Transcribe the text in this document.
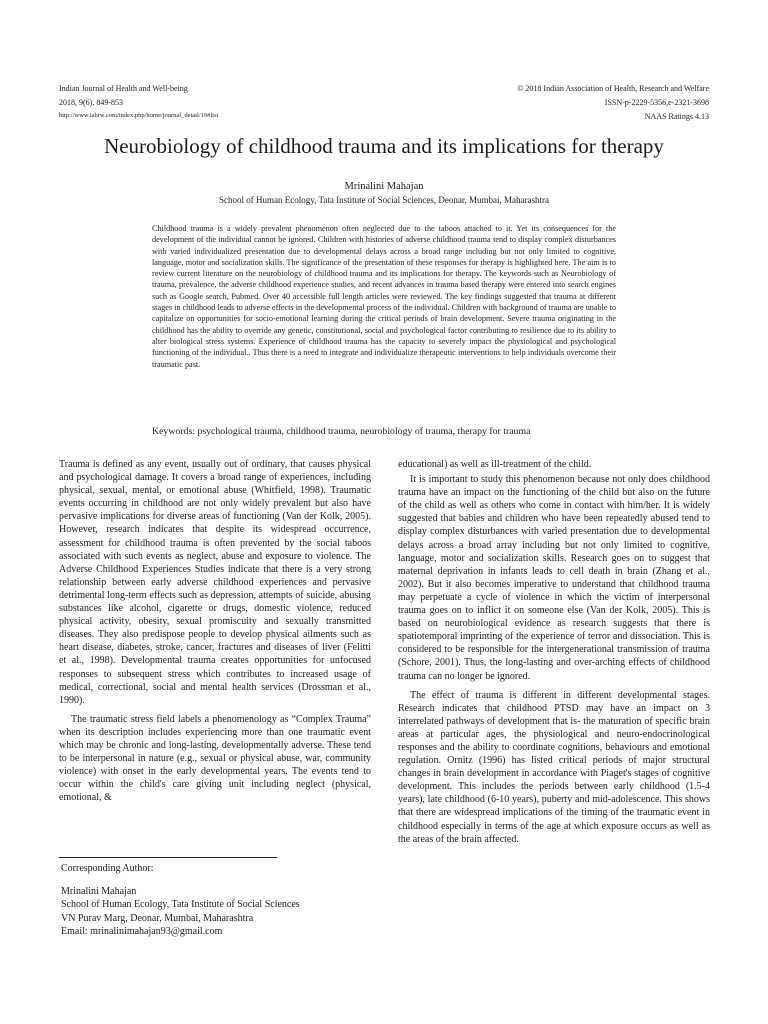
Indian Journal of Health and Well-being
2018, 9(6), 849-853
http://www.iahrw.com/index.php/home/journal_detail/19#list
© 2018 Indian Association of Health, Research and Welfare
ISSN-p-2229-5356,e-2321-3698
NAAS Ratings 4.13
Neurobiology of childhood trauma and its implications for therapy
Mrinalini Mahajan
School of Human Ecology, Tata Institute of Social Sciences, Deonar, Mumbai, Maharashtra

Childhood trauma is a widely prevalent phenomenon often neglected due to the taboos attached to it. Yet its consequences for the development of the individual cannot be ignored. Children with histories of adverse childhood trauma tend to display complex disturbances with varied individualized presentation due to developmental delays across a broad range including but not only limited to cognitive, language, motor and socialization skills. The significance of the presentation of these responses for therapy is highlighted here. The aim is to review current literature on the neurobiology of childhood trauma and its implications for therapy. The keywords such as Neurobiology of trauma, prevalence, the adverse childhood experience studies, and recent advances in trauma based therapy were entered into search engines such as Google search, Pubmed. Over 40 accessible full length articles were reviewed. The key findings suggested that trauma at different stages in childhood leads to adverse effects in the developmental process of the individual. Children with background of trauma are unable to capitalize on opportunities for socio-emotional learning during the critical periods of brain development. Severe trauma originating in the childhood has the ability to override any genetic, constitutional, social and psychological factor contributing to resilience due to its ability to alter biological stress systems. Experience of childhood trauma has the capacity to severely impact the physiological and psychological functioning of the individual.. Thus there is a need to integrate and individualize therapeutic interventions to help individuals overcome their traumatic past.

Keywords: psychological trauma, childhood trauma, neurobiology of trauma, therapy for trauma

Trauma is defined as any event, usually out of ordinary, that causes physical and psychological damage. It covers a broad range of experiences, including physical, sexual, mental, or emotional abuse (Whitfield, 1998). Traumatic events occurring in childhood are not only widely prevalent but also have pervasive implications for diverse areas of functioning (Van der Kolk, 2005). However, research indicates that despite its widespread occurrence, assessment for childhood trauma is often prevented by the social taboos associated with such events as neglect, abuse and exposure to violence. The Adverse Childhood Experiences Studies indicate that there is a very strong relationship between early adverse childhood experiences and pervasive detrimental long-term effects such as depression, attempts of suicide, abusing substances like alcohol, cigarette or drugs, domestic violence, reduced physical activity, obesity, sexual promiscuity and sexually transmitted diseases. They also predispose people to develop physical ailments such as heart disease, diabetes, stroke, cancer, fractures and diseases of liver (Felitti et al., 1998). Developmental trauma creates opportunities for unfocused responses to subsequent stress which contributes to increased usage of medical, correctional, social and mental health services (Drossman et al., 1990).

The traumatic stress field labels a phenomenology as “Complex Trauma” when its description includes experiencing more than one traumatic event which may be chronic and long-lasting, developmentally adverse. These tend to be interpersonal in nature (e.g., sexual or physical abuse, war, community violence) with onset in the early developmental years. The events tend to occur within the child's care giving unit including neglect (physical, emotional, &

educational) as well as ill-treatment of the child.

It is important to study this phenomenon because not only does childhood trauma have an impact on the functioning of the child but also on the future of the child as well as others who come in contact with him/her. It is widely suggested that babies and children who have been repeatedly abused tend to display complex disturbances with varied presentation due to developmental delays across a broad array including but not only limited to cognitive, language, motor and socialization skills. Research goes on to suggest that maternal deprivation in infants leads to cell death in brain (Zhang et al., 2002). But it also becomes imperative to understand that childhood trauma may perpetuate a cycle of violence in which the victim of interpersonal trauma goes on to inflict it on someone else (Van der Kolk, 2005). This is based on neurobiological evidence as research suggests that there is spatiotemporal imprinting of the experience of terror and dissociation. This is considered to be responsible for the intergenerational transmission of trauma (Schore, 2001). Thus, the long-lasting and over-arching effects of childhood trauma can no longer be ignored.

The effect of trauma is different in different developmental stages. Research indicates that childhood PTSD may have an impact on 3 interrelated pathways of development that is- the maturation of specific brain areas at particular ages, the physiological and neuro-endocrinological responses and the ability to coordinate cognitions, behaviours and emotional regulation. Ornitz (1996) has listed critical periods of major structural changes in brain development in accordance with Piaget's stages of cognitive development. This includes the periods between early childhood (1.5-4 years), late childhood (6-10 years), puberty and mid-adolescence. This shows that there are widespread implications of the timing of the traumatic event in childhood especially in terms of the age at which exposure occurs as well as the areas of the brain affected.

Corresponding Author:
Mrinalini Mahajan
School of Human Ecology, Tata Institute of Social Sciences
VN Purav Marg, Deonar, Mumbai, Maharashtra
Email: mrinalinimahajan93@gmail.com
